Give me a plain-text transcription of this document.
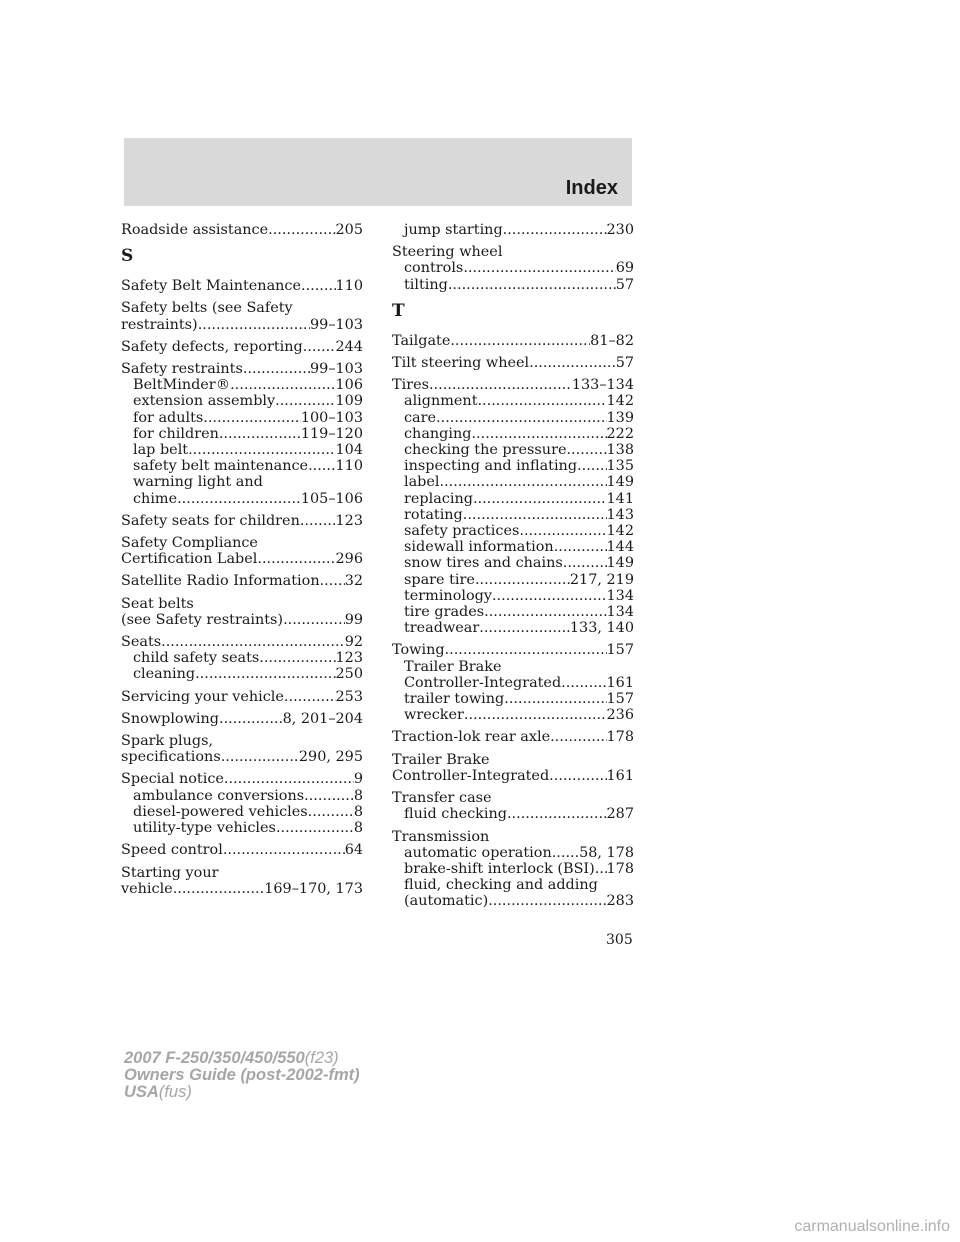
Index
Roadside assistance .....	205
S
Safety Belt Maintenance ..... 110
Safety belts (see Safety
restraints) .....	99–103
Safety defects, reporting ..... 244
Safety restraints .....	99–103
BeltMinder® .....	106
extension assembly .....	109
for adults .....	100–103
for children .....	119–120
lap belt .....	104
safety belt maintenance ..... 110
warning light and
chime .....	105–106
Safety seats for children ..... 123
Safety Compliance
Certification Label .....	296
Satellite Radio Information ..... 32
Seat belts
(see Safety restraints) .....	99
Seats .....	92
child safety seats .....	123
cleaning .....	250
Servicing your vehicle .....	253
Snowplowing .....	8, 201–204
Spark plugs,
specifications .....	290, 295
Special notice .....	9
ambulance conversions .....	8
diesel-powered vehicles .....	8
utility-type vehicles .....	8
Speed control .....	64
Starting your
vehicle .....	169–170, 173
jump starting .....	230
Steering wheel
controls .....	69
tilting .....	57
T
Tailgate .....	81–82
Tilt steering wheel .....	57
Tires .....	133–134
alignment .....	142
care .....	139
changing .....	222
checking the pressure .....	138
inspecting and inflating ..... 135
label .....	149
replacing .....	141
rotating .....	143
safety practices .....	142
sidewall information .....	144
snow tires and chains .....	149
spare tire .....	217, 219
terminology .....	134
tire grades .....	134
treadwear .....	133, 140
Towing .....	157
Trailer Brake
Controller-Integrated .....	161
trailer towing .....	157
wrecker .....	236
Traction-lok rear axle .....	178
Trailer Brake
Controller-Integrated .....	161
Transfer case
fluid checking .....	287
Transmission
automatic operation ..... 58, 178
brake-shift interlock (BSI) ..... 178
fluid, checking and adding
(automatic) .....	283
305
2007 F-250/350/450/550(f23)
Owners Guide (post-2002-fmt)
USA(fus)
carmanualsonline.info
